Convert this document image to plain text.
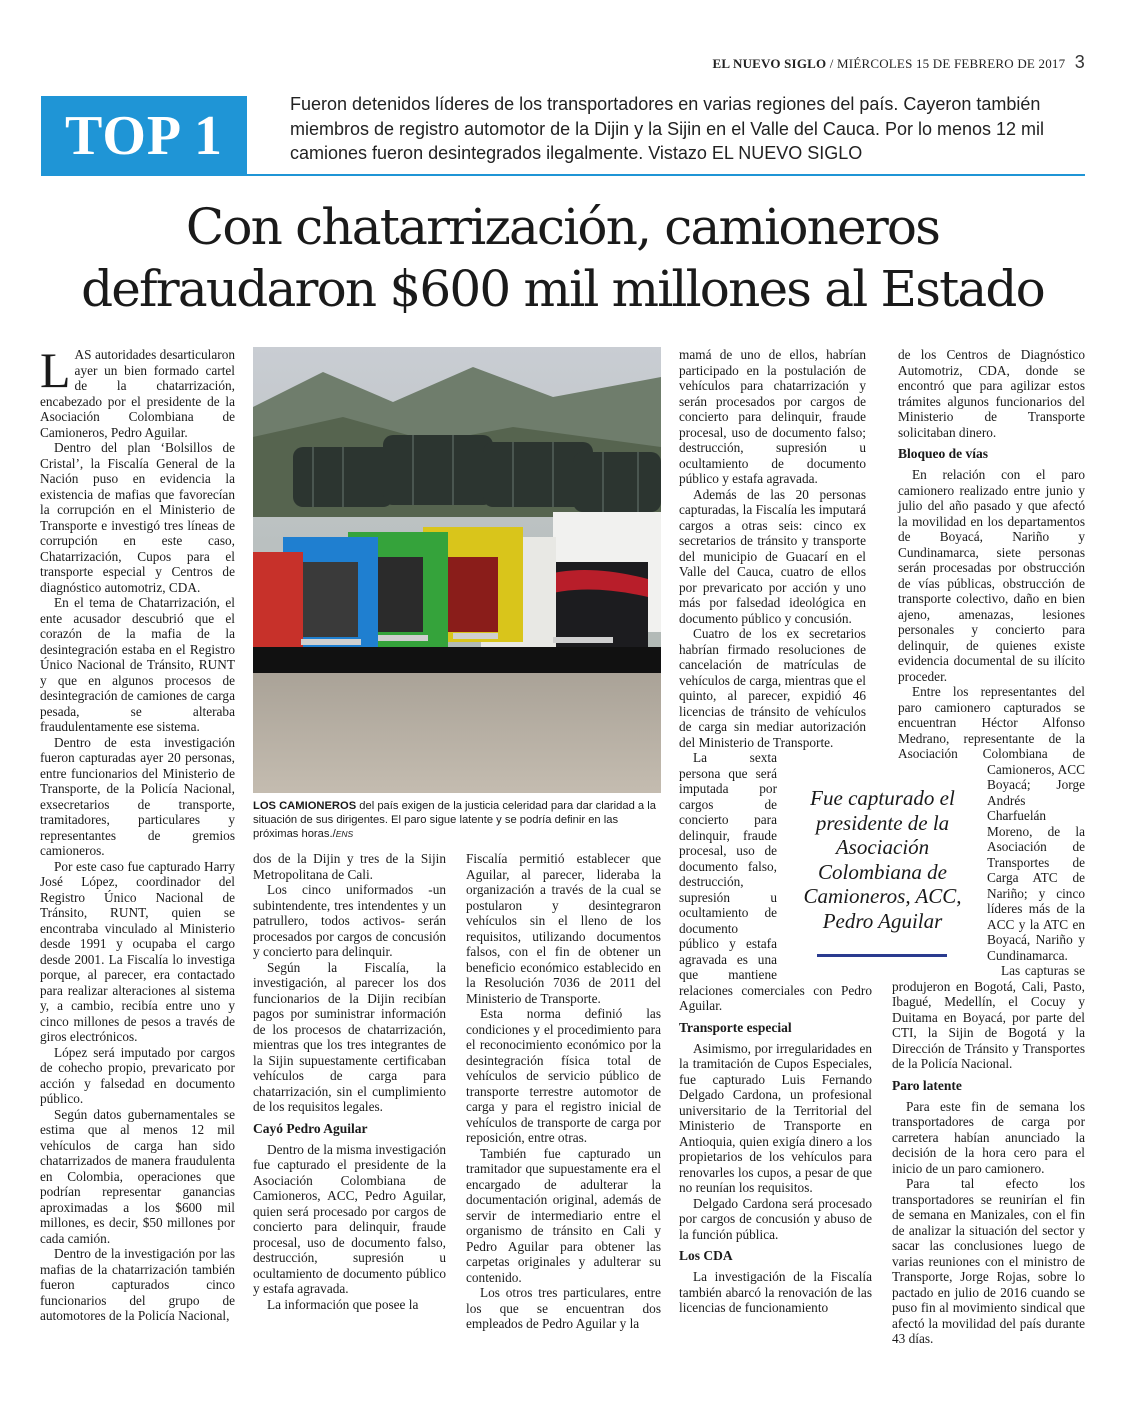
EL NUEVO SIGLO / MIÉRCOLES 15 DE FEBRERO DE 2017 3
TOP 1
Fueron detenidos líderes de los transportadores en varias regiones del país. Cayeron también miembros de registro automotor de la Dijin y la Sijin en el Valle del Cauca. Por lo menos 12 mil camiones fueron desintegrados ilegalmente. Vistazo EL NUEVO SIGLO
Con chatarrización, camioneros
defraudaron $600 mil millones al Estado

LAS autoridades desarticularon ayer un bien formado cartel de la chatarrización, encabezado por el presidente de la Asociación Colombiana de Camioneros, Pedro Aguilar.

Dentro del plan ‘Bolsillos de Cristal’, la Fiscalía General de la Nación puso en evidencia la existencia de mafias que favorecían la corrupción en el Ministerio de Transporte e investigó tres líneas de corrupción en este caso, Chatarrización, Cupos para el transporte especial y Centros de diagnóstico automotriz, CDA.

En el tema de Chatarrización, el ente acusador descubrió que el corazón de la mafia de la desintegración estaba en el Registro Único Nacional de Tránsito, RUNT y que en algunos procesos de desintegración de camiones de carga pesada, se alteraba fraudulentamente ese sistema.

Dentro de esta investigación fueron capturadas ayer 20 personas, entre funcionarios del Ministerio de Transporte, de la Policía Nacional, exsecretarios de transporte, tramitadores, particulares y representantes de gremios camioneros.

Por este caso fue capturado Harry José López, coordinador del Registro Único Nacional de Tránsito, RUNT, quien se encontraba vinculado al Ministerio desde 1991 y ocupaba el cargo desde 2001. La Fiscalía lo investiga porque, al parecer, era contactado para realizar alteraciones al sistema y, a cambio, recibía entre uno y cinco millones de pesos a través de giros electrónicos.

López será imputado por cargos de cohecho propio, prevaricato por acción y falsedad en documento público.

Según datos gubernamentales se estima que al menos 12 mil vehículos de carga han sido chatarrizados de manera fraudulenta en Colombia, operaciones que podrían representar ganancias aproximadas a los $600 mil millones, es decir, $50 millones por cada camión.

Dentro de la investigación por las mafias de la chatarrización también fueron capturados cinco funcionarios del grupo de automotores de la Policía Nacional,

LOS CAMIONEROS del país exigen de la justicia celeridad para dar claridad a la situación de sus dirigentes. El paro sigue latente y se podría definir en las próximas horas./ENS

dos de la Dijin y tres de la Sijin Metropolitana de Cali.

Los cinco uniformados -un subintendente, tres intendentes y un patrullero, todos activos- serán procesados por cargos de concusión y concierto para delinquir.

Según la Fiscalía, la investigación, al parecer los dos funcionarios de la Dijin recibían pagos por suministrar información de los procesos de chatarrización, mientras que los tres integrantes de la Sijin supuestamente certificaban vehículos de carga para chatarrización, sin el cumplimiento de los requisitos legales.

Cayó Pedro Aguilar

Dentro de la misma investigación fue capturado el presidente de la Asociación Colombiana de Camioneros, ACC, Pedro Aguilar, quien será procesado por cargos de concierto para delinquir, fraude procesal, uso de documento falso, destrucción, supresión u ocultamiento de documento público y estafa agravada.

La información que posee la

Fiscalía permitió establecer que Aguilar, al parecer, lideraba la organización a través de la cual se postularon y desintegraron vehículos sin el lleno de los requisitos, utilizando documentos falsos, con el fin de obtener un beneficio económico establecido en la Resolución 7036 de 2011 del Ministerio de Transporte.

Esta norma definió las condiciones y el procedimiento para el reconocimiento económico por la desintegración física total de vehículos de servicio público de transporte terrestre automotor de carga y para el registro inicial de vehículos de transporte de carga por reposición, entre otras.

También fue capturado un tramitador que supuestamente era el encargado de adulterar la documentación original, además de servir de intermediario entre el organismo de tránsito en Cali y Pedro Aguilar para obtener las carpetas originales y adulterar su contenido.

Los otros tres particulares, entre los que se encuentran dos empleados de Pedro Aguilar y la

mamá de uno de ellos, habrían participado en la postulación de vehículos para chatarrización y serán procesados por cargos de concierto para delinquir, fraude procesal, uso de documento falso; destrucción, supresión u ocultamiento de documento público y estafa agravada.

Además de las 20 personas capturadas, la Fiscalía les imputará cargos a otras seis: cinco ex secretarios de tránsito y transporte del municipio de Guacarí en el Valle del Cauca, cuatro de ellos por prevaricato por acción y uno más por falsedad ideológica en documento público y concusión.

Cuatro de los ex secretarios habrían firmado resoluciones de cancelación de matrículas de vehículos de carga, mientras que el quinto, al parecer, expidió 46 licencias de tránsito de vehículos de carga sin mediar autorización del Ministerio de Transporte.

La sexta persona que será imputada por cargos de concierto para delinquir, fraude procesal, uso de documento falso, destrucción, supresión u ocultamiento de documento público y estafa agravada es una que mantiene relaciones comerciales con Pedro Aguilar.

Transporte especial

Asimismo, por irregularidades en la tramitación de Cupos Especiales, fue capturado Luis Fernando Delgado Cardona, un profesional universitario de la Territorial del Ministerio de Transporte en Antioquia, quien exigía dinero a los propietarios de los vehículos para renovarles los cupos, a pesar de que no reunían los requisitos.

Delgado Cardona será procesado por cargos de concusión y abuso de la función pública.

Los CDA

La investigación de la Fiscalía también abarcó la renovación de las licencias de funcionamiento

de los Centros de Diagnóstico Automotriz, CDA, donde se encontró que para agilizar estos trámites algunos funcionarios del Ministerio de Transporte solicitaban dinero.

Bloqueo de vías

En relación con el paro camionero realizado entre junio y julio del año pasado y que afectó la movilidad en los departamentos de Boyacá, Nariño y Cundinamarca, siete personas serán procesadas por obstrucción de vías públicas, obstrucción de transporte colectivo, daño en bien ajeno, amenazas, lesiones personales y concierto para delinquir, de quienes existe evidencia documental de su ilícito proceder.

Entre los representantes del paro camionero capturados se encuentran Héctor Alfonso Medrano, representante de la Asociación Colombiana de Camioneros, ACC Boyacá; Jorge Andrés Charfuelán Moreno, de la Asociación de Transportes de Carga ATC de Nariño; y cinco líderes más de la ACC y la ATC en Boyacá, Nariño y Cundinamarca.

Las capturas se produjeron en Bogotá, Cali, Pasto, Ibagué, Medellín, el Cocuy y Duitama en Boyacá, por parte del CTI, la Sijin de Bogotá y la Dirección de Tránsito y Transportes de la Policía Nacional.

Paro latente

Para este fin de semana los transportadores de carga por carretera habían anunciado la decisión de la hora cero para el inicio de un paro camionero.

Para tal efecto los transportadores se reunirían el fin de semana en Manizales, con el fin de analizar la situación del sector y sacar las conclusiones luego de varias reuniones con el ministro de Transporte, Jorge Rojas, sobre lo pactado en julio de 2016 cuando se puso fin al movimiento sindical que afectó la movilidad del país durante 43 días.

Fue capturado el presidente de la Asociación Colombiana de Camioneros, ACC, Pedro Aguilar
